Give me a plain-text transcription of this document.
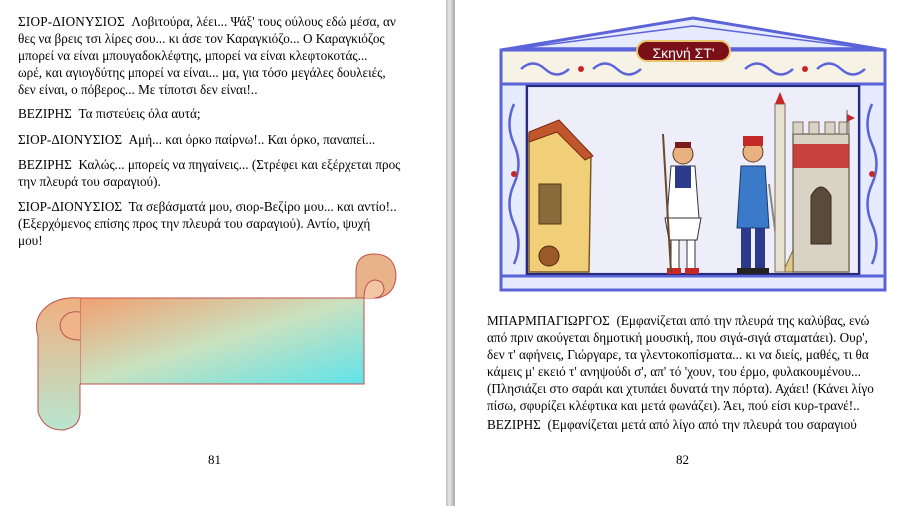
ΣΙΟΡ-ΔΙΟΝΥΣΙΟΣ Λοβιτούρα, λέει... Ψάξ' τους ούλους εδώ μέσα, αν
θες να βρεις τσι λίρες σου... κι άσε τον Καραγκιόζο... Ο Καραγκιόζος
μπορεί να είναι μπουγαδοκλέφτης, μπορεί να είναι κλεφτοκοτάς...
ωρέ, και αγιογδύτης μπορεί να είναι... μα, για τόσο μεγάλες δουλειές,
δεν είναι, ο πόβερος... Με τίποτσι δεν είναι!..

ΒΕΖΙΡΗΣ Τα πιστεύεις όλα αυτά;

ΣΙΟΡ-ΔΙΟΝΥΣΙΟΣ Αμή... και όρκο παίρνω!.. Και όρκο, παναπεί...

ΒΕΖΙΡΗΣ Καλώς... μπορείς να πηγαίνεις... (Στρέφει και εξέρχεται προς
την πλευρά του σαραγιού).

ΣΙΟΡ-ΔΙΟΝΥΣΙΟΣ Τα σεβάσματά μου, σιορ-Βεζίρο μου... και αντίο!..
(Εξερχόμενος επίσης προς την πλευρά του σαραγιού). Αντίο, ψυχή
μου!

81
Σκηνή ΣΤ'

ΜΠΑΡΜΠΑΓΙΩΡΓΟΣ (Εμφανίζεται από την πλευρά της καλύβας, ενώ
από πριν ακούγεται δημοτική μουσική, που σιγά-σιγά σταματάει). Ουρ',
δεν τ' αφήνεις, Γιώργαρε, τα γλεντοκοπίσματα... κι να διείς, μαθές, τι θα
κάμεις μ' εκειό τ' ανηψούδι σ', απ' τό 'χουν, του έρμο, φυλακουμένου...
(Πλησιάζει στο σαράι και χτυπάει δυνατά την πόρτα). Αχάει! (Κάνει λίγο
πίσω, σφυρίζει κλέφτικα και μετά φωνάζει). Άει, πού είσι κυρ-τρανέ!..

ΒΕΖΙΡΗΣ (Εμφανίζεται μετά από λίγο από την πλευρά του σαραγιού

82
